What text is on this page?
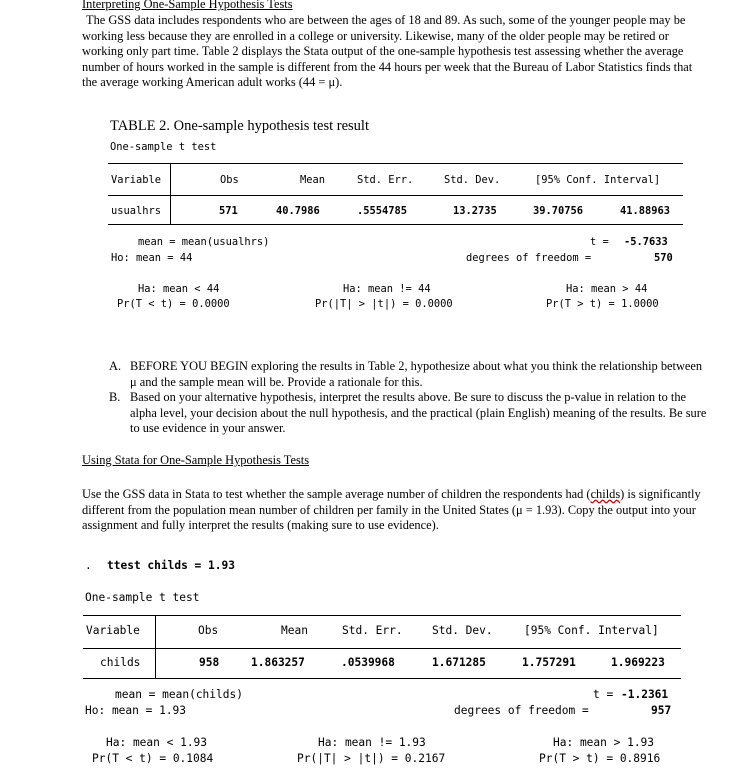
Interpreting One-Sample Hypothesis Tests

The GSS data includes respondents who are between the ages of 18 and 89. As such, some of the younger people may be working less because they are enrolled in a college or university. Likewise, many of the older people may be retired or working only part time. Table 2 displays the Stata output of the one-sample hypothesis test assessing whether the average number of hours worked in the sample is different from the 44 hours per week that the Bureau of Labor Statistics finds that the average working American adult works (44 = μ).

TABLE 2. One-sample hypothesis test result
One-sample t test
Variable	Obs	Mean	Std. Err.	Std. Dev.	[95% Conf. Interval]
usualhrs	571	40.7986	.5554785	13.2735	39.70756	41.88963
mean = mean(usualhrs)	t = -5.7633
Ho: mean = 44	degrees of freedom =	570
Ha: mean < 44	Ha: mean != 44	Ha: mean > 44
Pr(T < t) = 0.0000	Pr(|T| > |t|) = 0.0000	Pr(T > t) = 1.0000
A. BEFORE YOU BEGIN exploring the results in Table 2, hypothesize about what you think the relationship between μ and the sample mean will be. Provide a rationale for this.

B. Based on your alternative hypothesis, interpret the results above. Be sure to discuss the p-value in relation to the alpha level, your decision about the null hypothesis, and the practical (plain English) meaning of the results. Be sure to use evidence in your answer.

Using Stata for One-Sample Hypothesis Tests

Use the GSS data in Stata to test whether the sample average number of children the respondents had (childs) is significantly different from the population mean number of children per family in the United States (μ = 1.93). Copy the output into your assignment and fully interpret the results (making sure to use evidence).

. ttest childs = 1.93
One-sample t test
Variable	Obs	Mean	Std. Err.	Std. Dev.	[95% Conf. Interval]
childs	958	1.863257	.0539968	1.671285	1.757291	1.969223
mean = mean(childs)	t = -1.2361
Ho: mean = 1.93	degrees of freedom =	957
Ha: mean < 1.93	Ha: mean != 1.93	Ha: mean > 1.93
Pr(T < t) = 0.1084	Pr(|T| > |t|) = 0.2167	Pr(T > t) = 0.8916
